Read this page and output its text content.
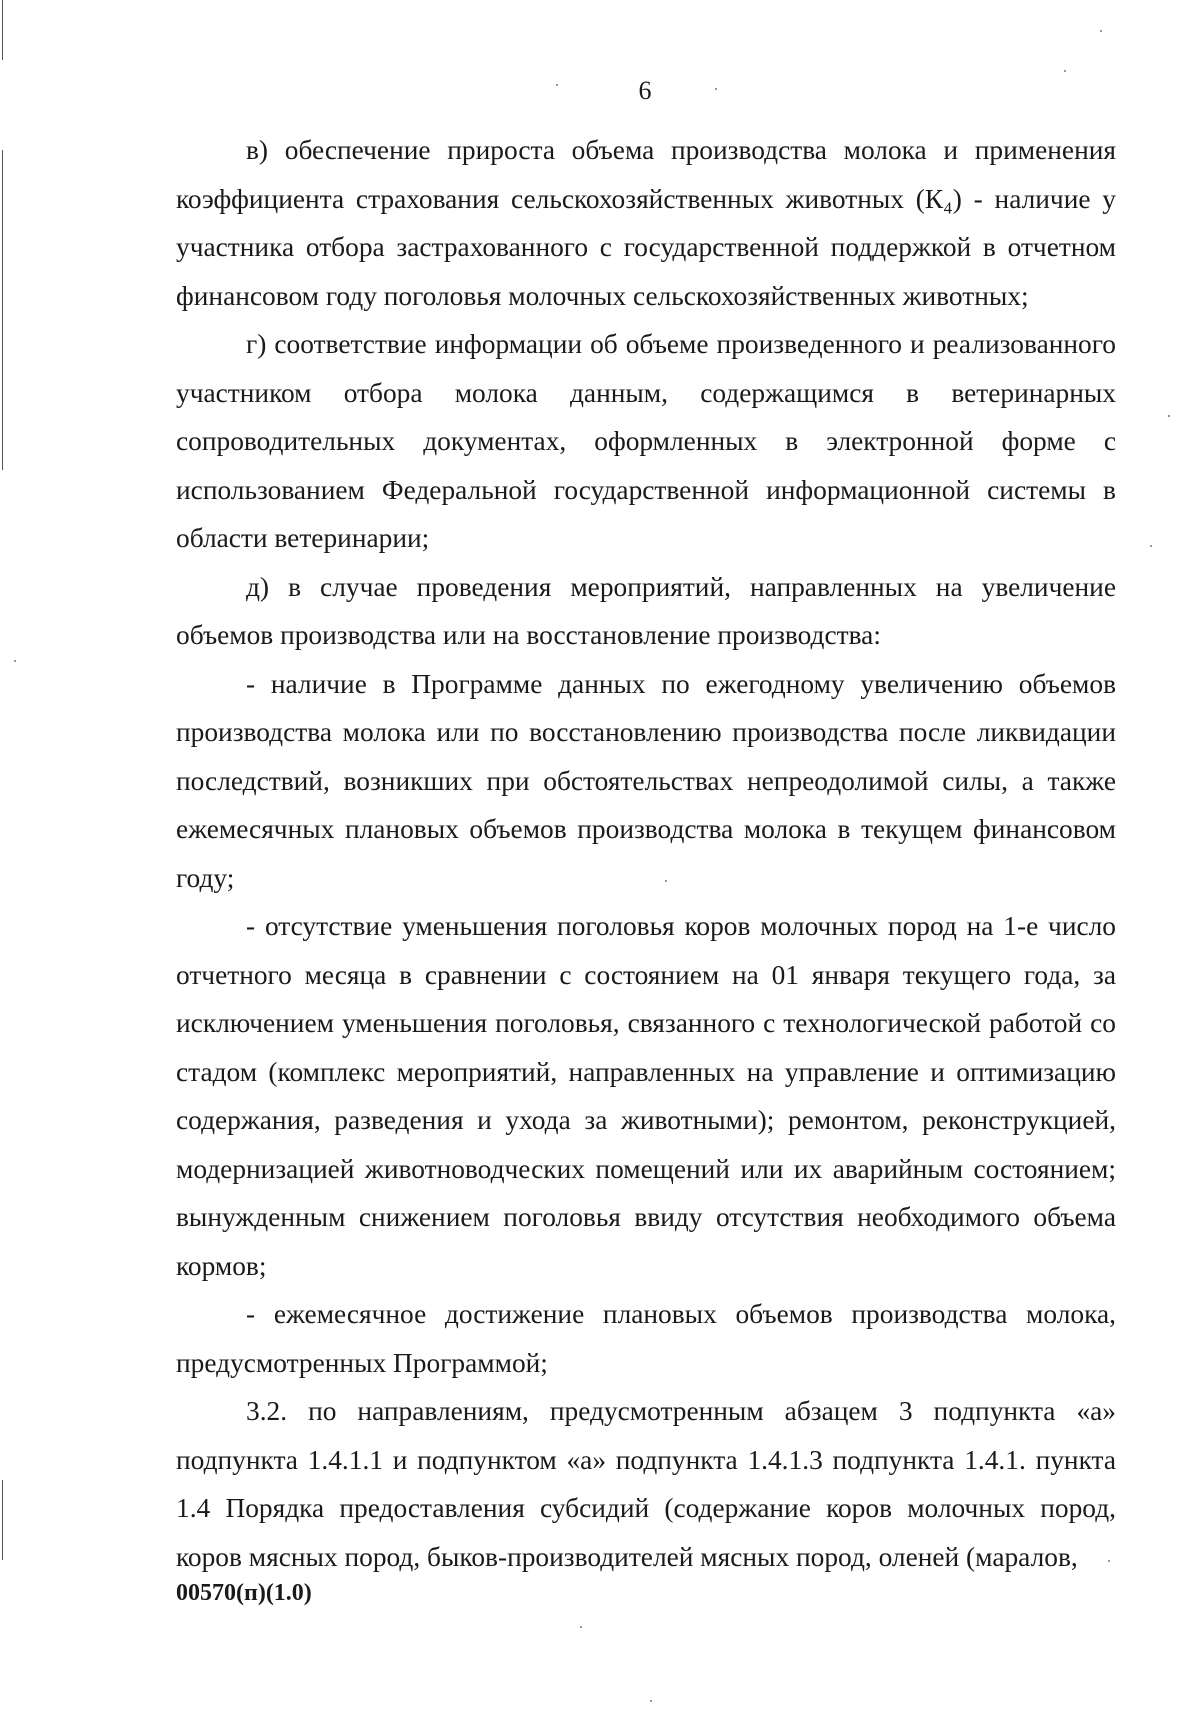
6

в) обеспечение прироста объема производства молока и применения коэффициента страхования сельскохозяйственных животных (К₄) - наличие у участника отбора застрахованного с государственной поддержкой в отчетном финансовом году поголовья молочных сельскохозяйственных животных;

г) соответствие информации об объеме произведенного и реализованного участником отбора молока данным, содержащимся в ветеринарных сопроводительных документах, оформленных в электронной форме с использованием Федеральной государственной информационной системы в области ветеринарии;

д) в случае проведения мероприятий, направленных на увеличение объемов производства или на восстановление производства:

- наличие в Программе данных по ежегодному увеличению объемов производства молока или по восстановлению производства после ликвидации последствий, возникших при обстоятельствах непреодолимой силы, а также ежемесячных плановых объемов производства молока в текущем финансовом году;

- отсутствие уменьшения поголовья коров молочных пород на 1-е число отчетного месяца в сравнении с состоянием на 01 января текущего года, за исключением уменьшения поголовья, связанного с технологической работой со стадом (комплекс мероприятий, направленных на управление и оптимизацию содержания, разведения и ухода за животными); ремонтом, реконструкцией, модернизацией животноводческих помещений или их аварийным состоянием; вынужденным снижением поголовья ввиду отсутствия необходимого объема кормов;

- ежемесячное достижение плановых объемов производства молока, предусмотренных Программой;

3.2. по направлениям, предусмотренным абзацем 3 подпункта «а» подпункта 1.4.1.1 и подпунктом «а» подпункта 1.4.1.3 подпункта 1.4.1. пункта 1.4 Порядка предоставления субсидий (содержание коров молочных пород, коров мясных пород, быков-производителей мясных пород, оленей (маралов,

00570(п)(1.0)
